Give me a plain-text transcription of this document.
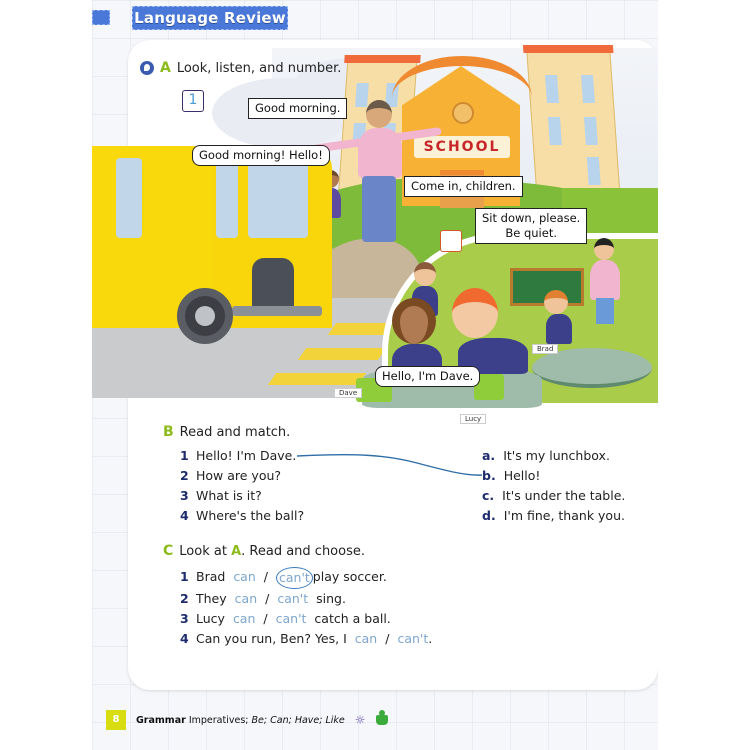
Language Review
SCHOOL
Dave
Lucy
Brad
Good morning.
Good morning! Hello!
Come in, children.
Sit down, please.
Be quiet.
Hello, I'm Dave.
1
A Look, listen, and number.
B Read and match.
1 Hello! I'm Dave.
2 How are you?
3 What is it?
4 Where's the ball?
a. It's my lunchbox.
b. Hello!
c. It's under the table.
d. I'm fine, thank you.
C Look at A. Read and choose.
1 Brad can / can't play soccer.
2 They can / can't sing.
3 Lucy can / can't catch a ball.
4 Can you run, Ben? Yes, I can / can't .
8	Grammar Imperatives; Be; Can; Have; Like ☼
